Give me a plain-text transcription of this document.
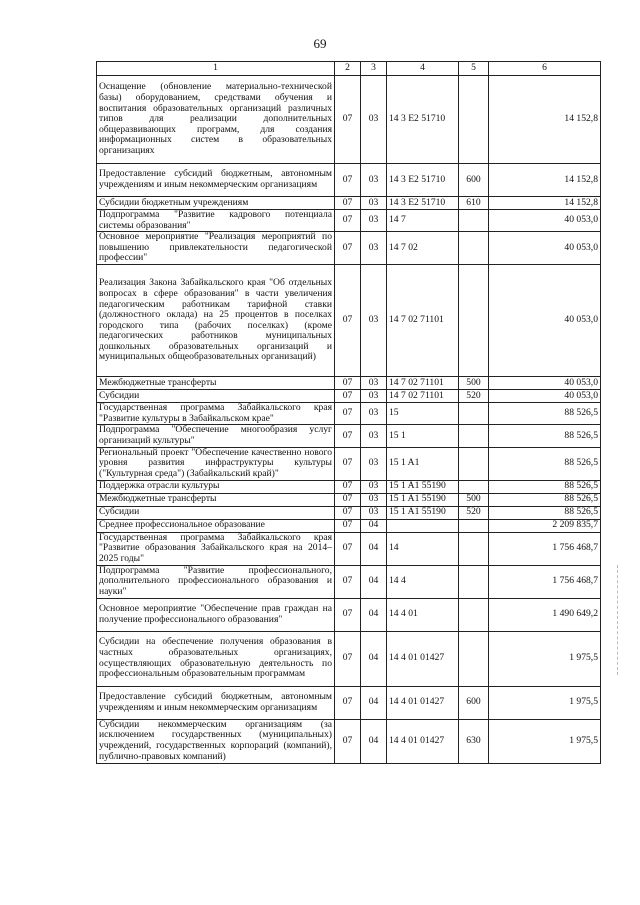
69
1	2	3	4	5	6
Оснащение (обновление материально-технической базы) оборудованием, средствами обучения и воспитания образовательных организаций различных типов для реализации дополнительных общеразвивающих программ, для создания информационных систем в образовательных организациях	07	03	14 3 E2 51710		14 152,8
Предоставление субсидий бюджетным, автономным учреждениям и иным некоммерческим организациям	07	03	14 3 E2 51710	600	14 152,8
Субсидии бюджетным учреждениям	07	03	14 3 E2 51710	610	14 152,8
Подпрограмма "Развитие кадрового потенциала системы образования"	07	03	14 7		40 053,0
Основное мероприятие "Реализация мероприятий по повышению привлекательности педагогической профессии"	07	03	14 7 02		40 053,0
Реализация Закона Забайкальского края "Об отдельных вопросах в сфере образования" в части увеличения педагогическим работникам тарифной ставки (должностного оклада) на 25 процентов в поселках городского типа (рабочих поселках) (кроме педагогических работников муниципальных дошкольных образовательных организаций и муниципальных общеобразовательных организаций)	07	03	14 7 02 71101		40 053,0
Межбюджетные трансферты	07	03	14 7 02 71101	500	40 053,0
Субсидии	07	03	14 7 02 71101	520	40 053,0
Государственная программа Забайкальского края "Развитие культуры в Забайкальском крае"	07	03	15		88 526,5
Подпрограмма "Обеспечение многообразия услуг организаций культуры"	07	03	15 1		88 526,5
Региональный проект "Обеспечение качественно нового уровня развития инфраструктуры культуры ("Культурная среда") (Забайкальский край)"	07	03	15 1 A1		88 526,5
Поддержка отрасли культуры	07	03	15 1 A1 55190		88 526,5
Межбюджетные трансферты	07	03	15 1 A1 55190	500	88 526,5
Субсидии	07	03	15 1 A1 55190	520	88 526,5
Среднее профессиональное образование	07	04			2 209 835,7
Государственная программа Забайкальского края "Развитие образования Забайкальского края на 2014–2025 годы"	07	04	14		1 756 468,7
Подпрограмма "Развитие профессионального, дополнительного профессионального образования и науки"	07	04	14 4		1 756 468,7
Основное мероприятие "Обеспечение прав граждан на получение профессионального образования"	07	04	14 4 01		1 490 649,2
Субсидии на обеспечение получения образования в частных образовательных организациях, осуществляющих образовательную деятельность по профессиональным образовательным программам	07	04	14 4 01 01427		1 975,5
Предоставление субсидий бюджетным, автономным учреждениям и иным некоммерческим организациям	07	04	14 4 01 01427	600	1 975,5
Субсидии некоммерческим организациям (за исключением государственных (муниципальных) учреждений, государственных корпораций (компаний), публично-правовых компаний)	07	04	14 4 01 01427	630	1 975,5
